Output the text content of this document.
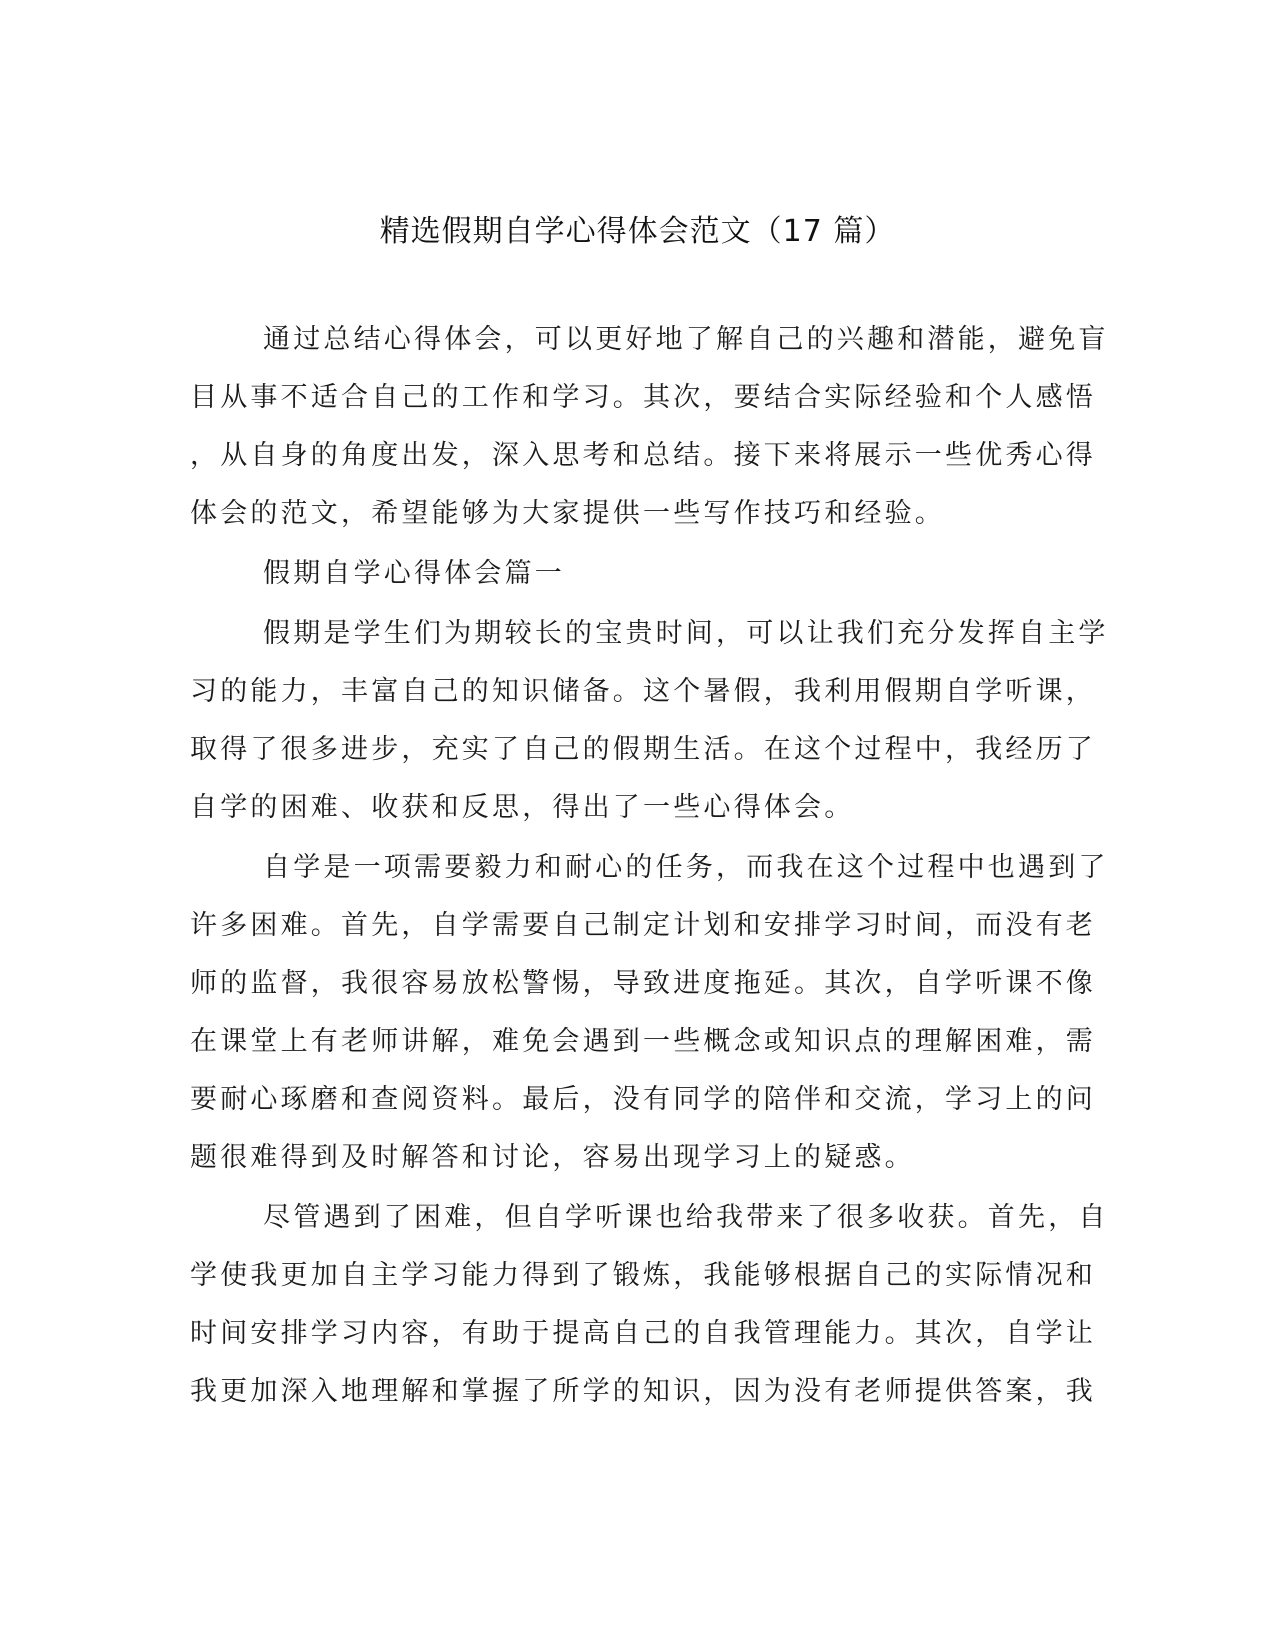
精选假期自学心得体会范文（17 篇）
通过总结心得体会，可以更好地了解自己的兴趣和潜能，避免盲
目从事不适合自己的工作和学习。其次，要结合实际经验和个人感悟
，从自身的角度出发，深入思考和总结。接下来将展示一些优秀心得
体会的范文，希望能够为大家提供一些写作技巧和经验。
假期自学心得体会篇一
假期是学生们为期较长的宝贵时间，可以让我们充分发挥自主学
习的能力，丰富自己的知识储备。这个暑假，我利用假期自学听课，
取得了很多进步，充实了自己的假期生活。在这个过程中，我经历了
自学的困难、收获和反思，得出了一些心得体会。
自学是一项需要毅力和耐心的任务，而我在这个过程中也遇到了
许多困难。首先，自学需要自己制定计划和安排学习时间，而没有老
师的监督，我很容易放松警惕，导致进度拖延。其次，自学听课不像
在课堂上有老师讲解，难免会遇到一些概念或知识点的理解困难，需
要耐心琢磨和查阅资料。最后，没有同学的陪伴和交流，学习上的问
题很难得到及时解答和讨论，容易出现学习上的疑惑。
尽管遇到了困难，但自学听课也给我带来了很多收获。首先，自
学使我更加自主学习能力得到了锻炼，我能够根据自己的实际情况和
时间安排学习内容，有助于提高自己的自我管理能力。其次，自学让
我更加深入地理解和掌握了所学的知识，因为没有老师提供答案，我
